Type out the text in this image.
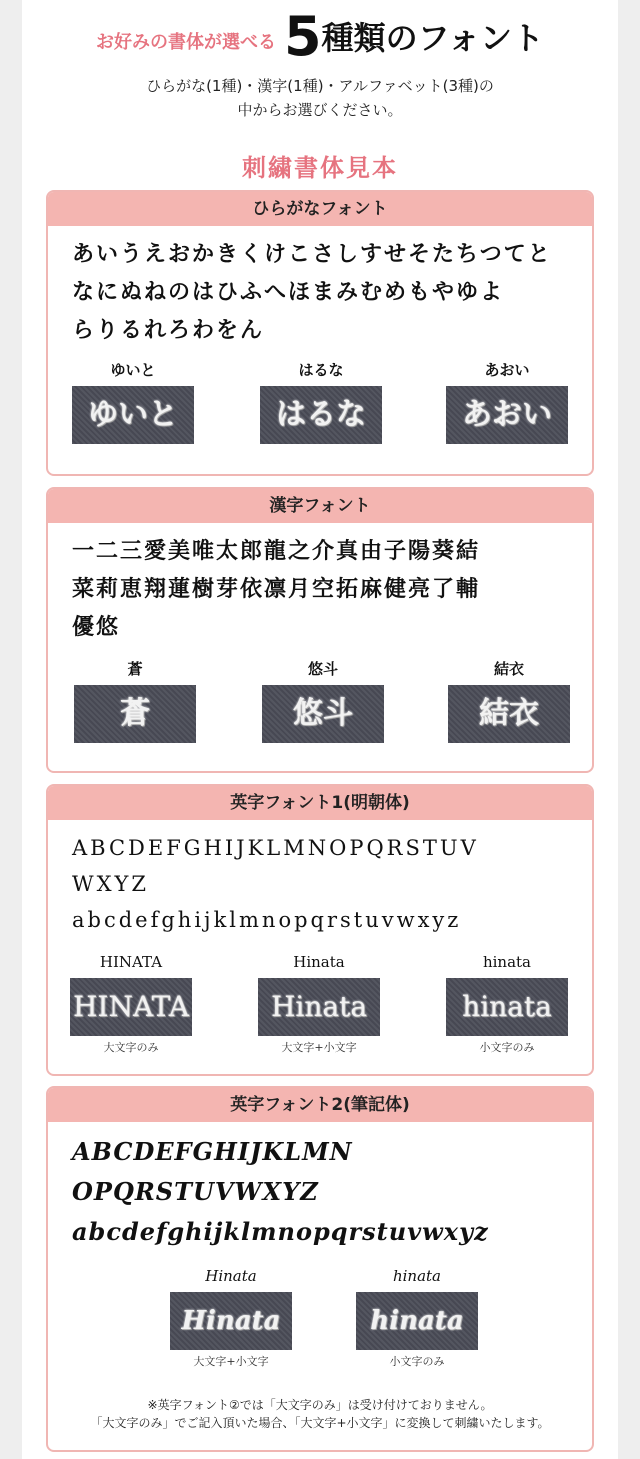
お好みの書体が選べる 5種類のフォント
ひらがな(1種)・漢字(1種)・アルファベット(3種)の
中からお選びください。
刺繍書体見本
ひらがなフォント
あいうえおかきくけこさしすせそたちつてと
なにぬねのはひふへほまみむめもやゆよ
らりるれろわをん
ゆいと
ゆいと
はるな
はるな
あおい
あおい
漢字フォント
一二三愛美唯太郎龍之介真由子陽葵結
菜莉恵翔蓮樹芽依凛月空拓麻健亮了輔
優悠
蒼
蒼
悠斗
悠斗
結衣
結衣
英字フォント1(明朝体)
ABCDEFGHIJKLMNOPQRSTUV
WXYZ
abcdefghijklmnopqrstuvwxyz
HINATA
HINATA
大文字のみ
Hinata
Hinata
大文字+小文字
hinata
hinata
小文字のみ
英字フォント2(筆記体)
ABCDEFGHIJKLMN
OPQRSTUVWXYZ
abcdefghijklmnopqrstuvwxyz
Hinata
Hinata
大文字+小文字
hinata
hinata
小文字のみ
※英字フォント②では「大文字のみ」は受け付けておりません。
「大文字のみ」でご記入頂いた場合、「大文字+小文字」に変換して刺繍いたします。
